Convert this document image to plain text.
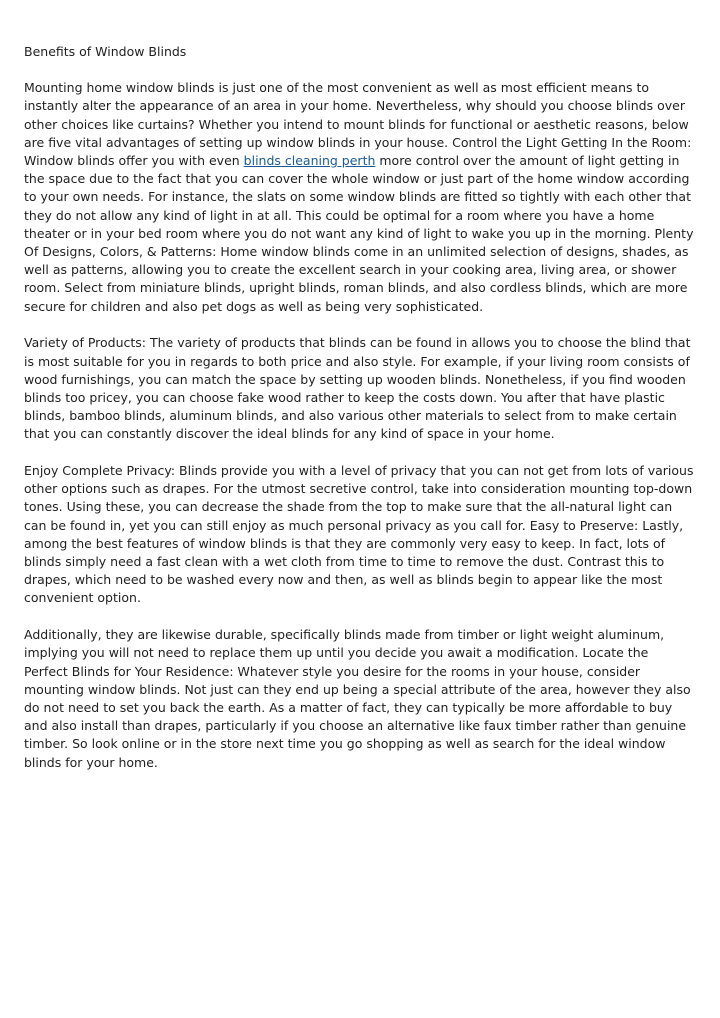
Benefits of Window Blinds

Mounting home window blinds is just one of the most convenient as well as most efficient means to instantly alter the appearance of an area in your home. Nevertheless, why should you choose blinds over other choices like curtains? Whether you intend to mount blinds for functional or aesthetic reasons, below are five vital advantages of setting up window blinds in your house. Control the Light Getting In the Room: Window blinds offer you with even blinds cleaning perth more control over the amount of light getting in the space due to the fact that you can cover the whole window or just part of the home window according to your own needs. For instance, the slats on some window blinds are fitted so tightly with each other that they do not allow any kind of light in at all. This could be optimal for a room where you have a home theater or in your bed room where you do not want any kind of light to wake you up in the morning. Plenty Of Designs, Colors, & Patterns: Home window blinds come in an unlimited selection of designs, shades, as well as patterns, allowing you to create the excellent search in your cooking area, living area, or shower room. Select from miniature blinds, upright blinds, roman blinds, and also cordless blinds, which are more secure for children and also pet dogs as well as being very sophisticated.

Variety of Products: The variety of products that blinds can be found in allows you to choose the blind that is most suitable for you in regards to both price and also style. For example, if your living room consists of wood furnishings, you can match the space by setting up wooden blinds. Nonetheless, if you find wooden blinds too pricey, you can choose fake wood rather to keep the costs down. You after that have plastic blinds, bamboo blinds, aluminum blinds, and also various other materials to select from to make certain that you can constantly discover the ideal blinds for any kind of space in your home.

Enjoy Complete Privacy: Blinds provide you with a level of privacy that you can not get from lots of various other options such as drapes. For the utmost secretive control, take into consideration mounting top-down tones. Using these, you can decrease the shade from the top to make sure that the all-natural light can can be found in, yet you can still enjoy as much personal privacy as you call for. Easy to Preserve: Lastly, among the best features of window blinds is that they are commonly very easy to keep. In fact, lots of blinds simply need a fast clean with a wet cloth from time to time to remove the dust. Contrast this to drapes, which need to be washed every now and then, as well as blinds begin to appear like the most convenient option.

Additionally, they are likewise durable, specifically blinds made from timber or light weight aluminum, implying you will not need to replace them up until you decide you await a modification. Locate the Perfect Blinds for Your Residence: Whatever style you desire for the rooms in your house, consider mounting window blinds. Not just can they end up being a special attribute of the area, however they also do not need to set you back the earth. As a matter of fact, they can typically be more affordable to buy and also install than drapes, particularly if you choose an alternative like faux timber rather than genuine timber. So look online or in the store next time you go shopping as well as search for the ideal window blinds for your home.
